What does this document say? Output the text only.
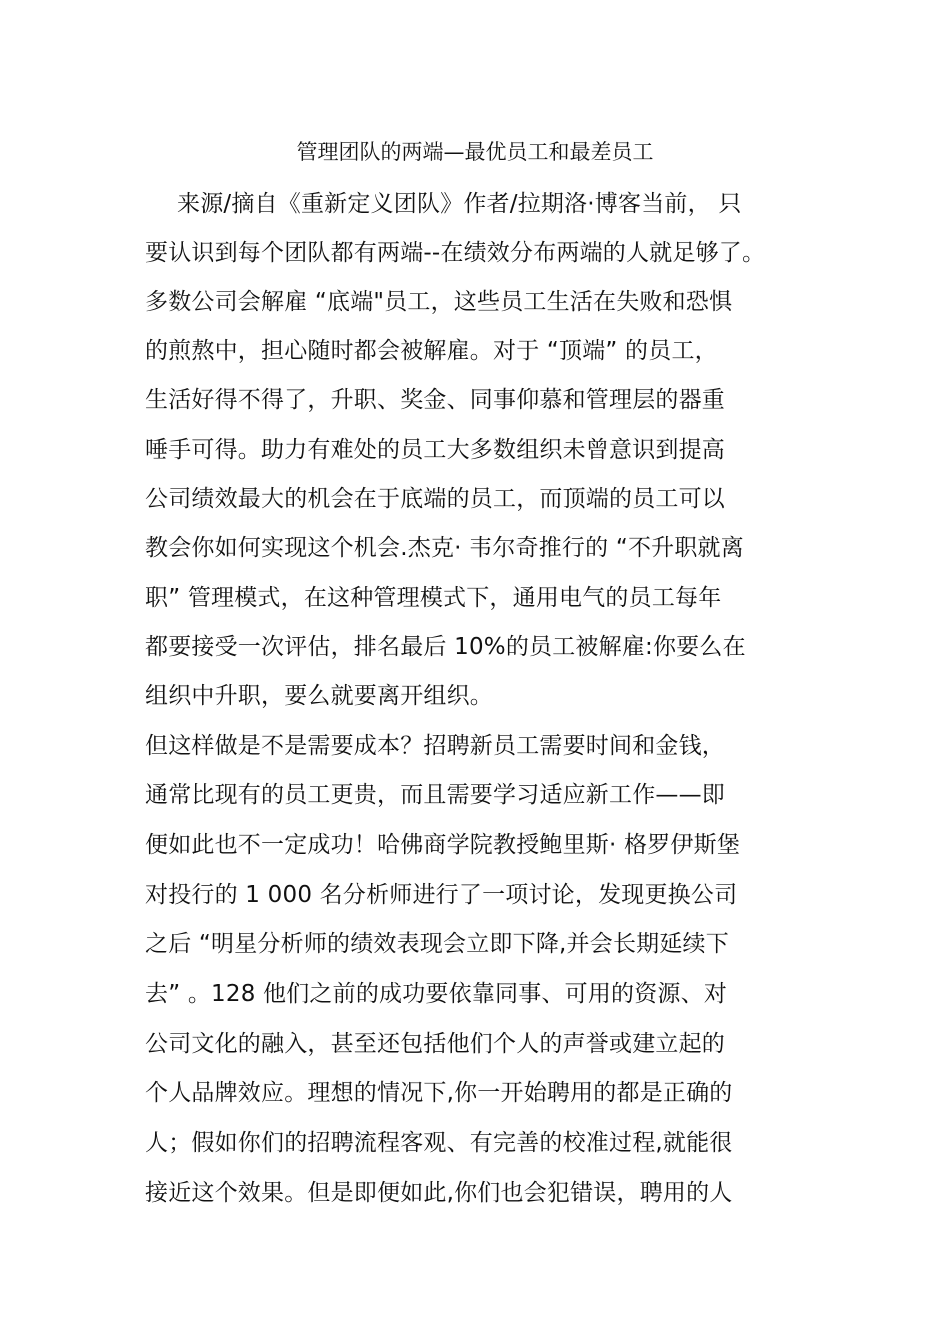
管理团队的两端—最优员工和最差员工
来源/摘自《重新定义团队》作者/拉期洛·博客当前， 只
要认识到每个团队都有两端--在绩效分布两端的人就足够了。
多数公司会解雇 “底端"员工，这些员工生活在失败和恐惧
的煎熬中，担心随时都会被解雇。对于 “顶端” 的员工，
生活好得不得了，升职、奖金、同事仰慕和管理层的器重
唾手可得。助力有难处的员工大多数组织未曾意识到提高
公司绩效最大的机会在于底端的员工，而顶端的员工可以
教会你如何实现这个机会.杰克· 韦尔奇推行的 “不升职就离
职” 管理模式，在这种管理模式下，通用电气的员工每年
都要接受一次评估，排名最后 10%的员工被解雇:你要么在
组织中升职，要么就要离开组织。
但这样做是不是需要成本？招聘新员工需要时间和金钱，
通常比现有的员工更贵，而且需要学习适应新工作——即
便如此也不一定成功！哈佛商学院教授鲍里斯· 格罗伊斯堡
对投行的 1 000 名分析师进行了一项讨论，发现更换公司
之后 “明星分析师的绩效表现会立即下降,并会长期延续下
去” 。128 他们之前的成功要依靠同事、可用的资源、对
公司文化的融入，甚至还包括他们个人的声誉或建立起的
个人品牌效应。理想的情况下,你一开始聘用的都是正确的
人；假如你们的招聘流程客观、有完善的校准过程,就能很
接近这个效果。但是即便如此,你们也会犯错误，聘用的人
